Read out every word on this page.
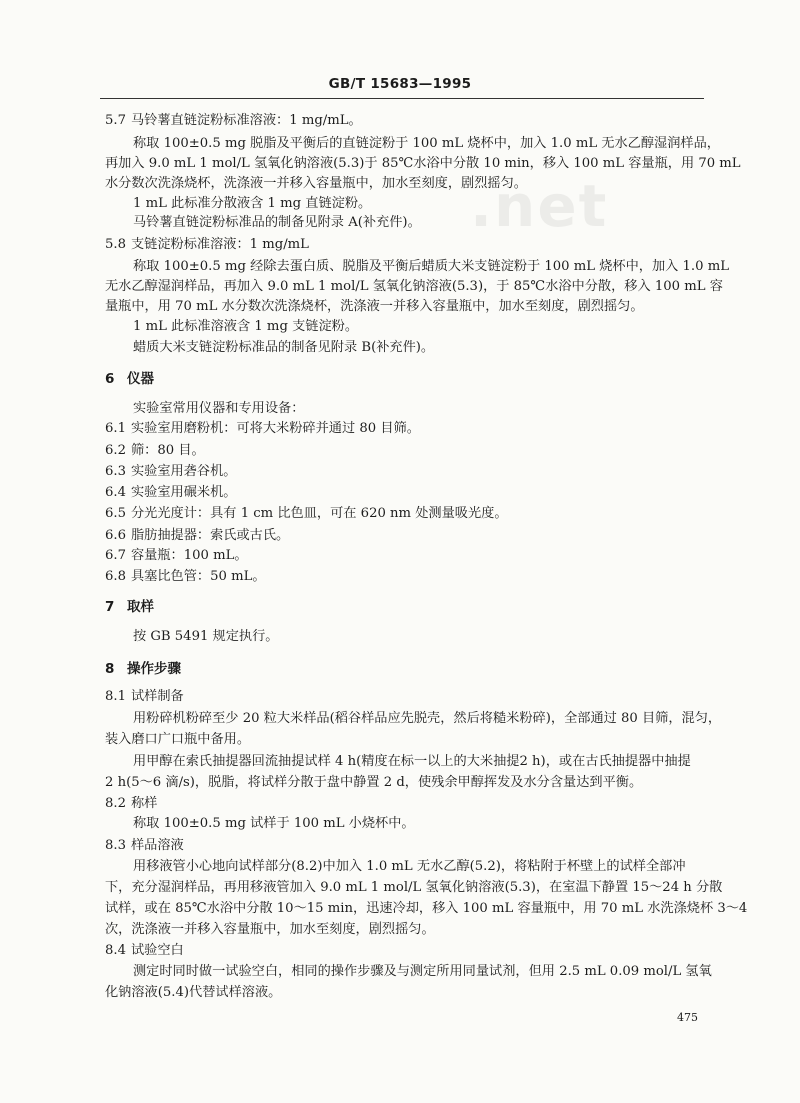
.net
GB/T 15683—1995
5.7 马铃薯直链淀粉标准溶液：1 mg/mL。
称取 100±0.5 mg 脱脂及平衡后的直链淀粉于 100 mL 烧杯中，加入 1.0 mL 无水乙醇湿润样品，
再加入 9.0 mL 1 mol/L 氢氧化钠溶液(5.3)于 85℃水浴中分散 10 min，移入 100 mL 容量瓶，用 70 mL
水分数次洗涤烧杯，洗涤液一并移入容量瓶中，加水至刻度，剧烈摇匀。
1 mL 此标准分散液含 1 mg 直链淀粉。
马铃薯直链淀粉标准品的制备见附录 A(补充件)。
5.8 支链淀粉标准溶液：1 mg/mL
称取 100±0.5 mg 经除去蛋白质、脱脂及平衡后蜡质大米支链淀粉于 100 mL 烧杯中，加入 1.0 mL
无水乙醇湿润样品，再加入 9.0 mL 1 mol/L 氢氧化钠溶液(5.3)，于 85℃水浴中分散，移入 100 mL 容
量瓶中，用 70 mL 水分数次洗涤烧杯，洗涤液一并移入容量瓶中，加水至刻度，剧烈摇匀。
1 mL 此标准溶液含 1 mg 支链淀粉。
蜡质大米支链淀粉标准品的制备见附录 B(补充件)。
6 仪器
实验室常用仪器和专用设备：
6.1 实验室用磨粉机：可将大米粉碎并通过 80 目筛。
6.2 筛：80 目。
6.3 实验室用砻谷机。
6.4 实验室用碾米机。
6.5 分光光度计：具有 1 cm 比色皿，可在 620 nm 处测量吸光度。
6.6 脂肪抽提器：索氏或古氏。
6.7 容量瓶：100 mL。
6.8 具塞比色管：50 mL。
7 取样
按 GB 5491 规定执行。
8 操作步骤
8.1 试样制备
用粉碎机粉碎至少 20 粒大米样品(稻谷样品应先脱壳，然后将糙米粉碎)，全部通过 80 目筛，混匀，
装入磨口广口瓶中备用。
用甲醇在索氏抽提器回流抽提试样 4 h(精度在标一以上的大米抽提2 h)，或在古氏抽提器中抽提
2 h(5～6 滴/s)，脱脂，将试样分散于盘中静置 2 d，使残余甲醇挥发及水分含量达到平衡。
8.2 称样
称取 100±0.5 mg 试样于 100 mL 小烧杯中。
8.3 样品溶液
用移液管小心地向试样部分(8.2)中加入 1.0 mL 无水乙醇(5.2)，将粘附于杯壁上的试样全部冲
下，充分湿润样品，再用移液管加入 9.0 mL 1 mol/L 氢氧化钠溶液(5.3)，在室温下静置 15～24 h 分散
试样，或在 85℃水浴中分散 10～15 min，迅速冷却，移入 100 mL 容量瓶中，用 70 mL 水洗涤烧杯 3～4
次，洗涤液一并移入容量瓶中，加水至刻度，剧烈摇匀。
8.4 试验空白
测定时同时做一试验空白，相同的操作步骤及与测定所用同量试剂，但用 2.5 mL 0.09 mol/L 氢氧
化钠溶液(5.4)代替试样溶液。
475
